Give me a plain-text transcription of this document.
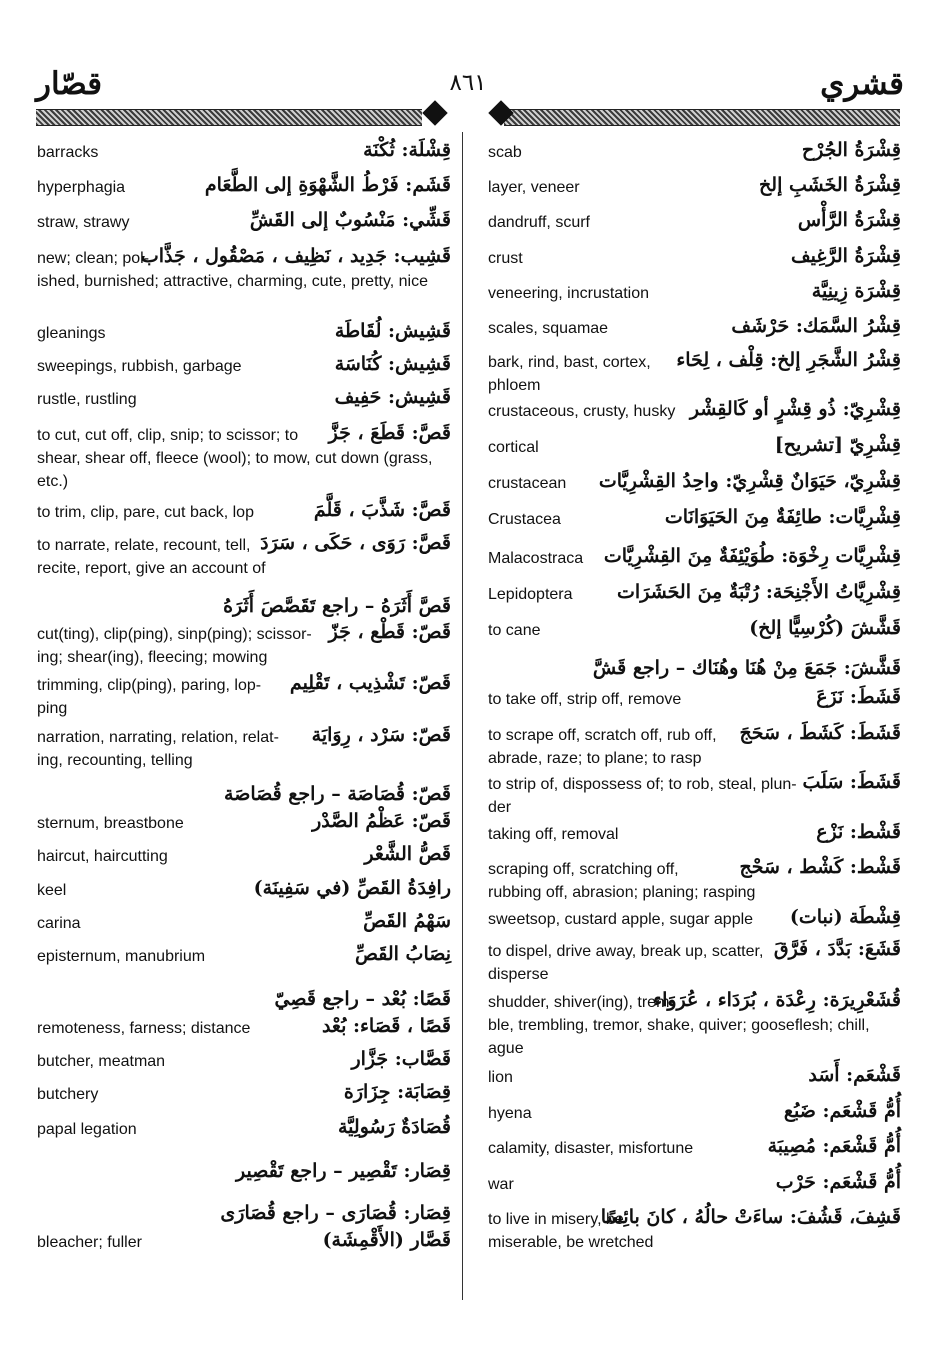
قشري
٨٦١
قصّار
قِشْلَة: ثُكْنَة
barracks
قَشَم: فَرْطُ الشَّهْوَةِ إلى الطَّعَام
hyperphagia
قَشِّي: مَنْسُوبٌ إلى القَشِّ
straw, strawy
قَشِيب: جَدِيد ، نَظِيف ، مَصْقُول ، جَذَّاب
new; clean; pol-
ished, burnished; attractive, charming, cute, pretty, nice
قَشِيش: لُقَاطَة
gleanings
قَشِيش: كُنَاسَة
sweepings, rubbish, garbage
قَشِيش: حَفِيف
rustle, rustling
قَصَّ: قَطَعَ ، جَزَّ
to cut, cut off, clip, snip; to scissor; to
shear, shear off, fleece (wool); to mow, cut down (grass, etc.)
قَصَّ: شَذَّبَ ، قَلَّمَ
to trim, clip, pare, cut back, lop
قَصَّ: رَوَى ، حَكَى ، سَرَدَ
to narrate, relate, recount, tell,
recite, report, give an account of
قَصَّ أَثَرَهُ – راجع تَقَصَّصَ أَثَرَهُ
قَصّ: قَطْع ، جَزّ
cut(ting), clip(ping), sinp(ping); scissor-
ing; shear(ing), fleecing; mowing
قَصّ: تَشْذِيب ، تَقْلِيم
trimming, clip(ping), paring, lop-
ping
قَصّ: سَرْد ، رِوَايَة
narration, narrating, relation, relat-
ing, recounting, telling
قَصّ: قُصَاصَة – راجع قُصَاصَة
قَصّ: عَظْمُ الصَّدْر
sternum, breastbone
قَصُّ الشَّعْر
haircut, haircutting
رافِدَةُ القَصِّ (في سَفِينَة)
keel
سَهْمُ القَصِّ
carina
نِصَابُ القَصِّ
episternum, manubrium
قَصًا: بُعْد – راجع قَصِيّ
قَصًا ، قَصَاء: بُعْد
remoteness, farness; distance
قَصَّاب: جَزَّار
butcher, meatman
قِصَابَة: جِزَارَة
butchery
قُصَادَةٌ رَسُولِيَّة
papal legation
قِصَار: تَقْصِير – راجع تَقْصِير
قِصَار: قُصَارَى – راجع قُصَارَى
قَصَّار (الأَقْمِشَة)
bleacher; fuller
قِشْرَةُ الجُرْح
scab
قِشْرَةُ الخَشَبِ إلخ
layer, veneer
قِشْرَةُ الرَّأْس
dandruff, scurf
قِشْرَةُ الرَّغِيف
crust
قِشْرَة زِينِيَّة
veneering, incrustation
قِشْرُ السَّمَك: حَرْشَف
scales, squamae
قِشْرُ الشَّجَرِ إلخ: قِلْف ، لِحَاء
bark, rind, bast, cortex,
phloem
قِشْرِيّ: ذُو قِشْرٍ أو كَالقِشْر
crustaceous, crusty, husky
قِشْرِيّ [تشريح]
cortical
قِشْرِيّ، حَيَوَانٌ قِشْرِيّ: واحِدُ القِشْرِيَّات
crustacean
قِشْرِيَّات: طائِفَةٌ مِنَ الحَيَوَانَات
Crustacea
قِشْرِيَّات رِخْوَة: طُوَيْئِفَةٌ مِنَ القِشْرِيَّات
Malacostraca
قِشْرِيَّاتُ الأَجْنِحَة: رُتْبَةٌ مِنَ الحَشَرَات
Lepidoptera
قَشَّشَ (كُرْسِيًّا إلخ)
to cane
قَشَّشَ: جَمَعَ مِنْ هُنَا وهُنَاك – راجع قَشَّ
قَشَطَ: نَزَعَ
to take off, strip off, remove
قَشَطَ: كَشَطَ ، سَحَجَ
to scrape off, scratch off, rub off,
abrade, raze; to plane; to rasp
قَشَطَ: سَلَبَ
to strip of, dispossess of; to rob, steal, plun-
der
قَشْط: نَزْع
taking off, removal
قَشْط: كَشْط ، سَحْج
scraping off, scratching off,
rubbing off, abrasion; planing; rasping
قِشْطَة (نبات)
sweetsop, custard apple, sugar apple
قَشَعَ: بَدَّدَ ، فَرَّقَ
to dispel, drive away, break up, scatter,
disperse
قُشَعْرِيرَة: رِعْدَة ، بُرَدَاء ، عُرَوَاء
shudder, shiver(ing), trem-
ble, trembling, tremor, shake, quiver; gooseflesh; chill, ague
قَشْعَم: أَسَد
lion
أُمُّ قَشْعَم: ضَبُع
hyena
أُمُّ قَشْعَم: مُصِيبَة
calamity, disaster, misfortune
أُمُّ قَشْعَم: حَرْب
war
قَشِفَ، قَشُفَ: ساءَتْ حالُهُ ، كانَ بائِسًا
to live in misery, be
miserable, be wretched
